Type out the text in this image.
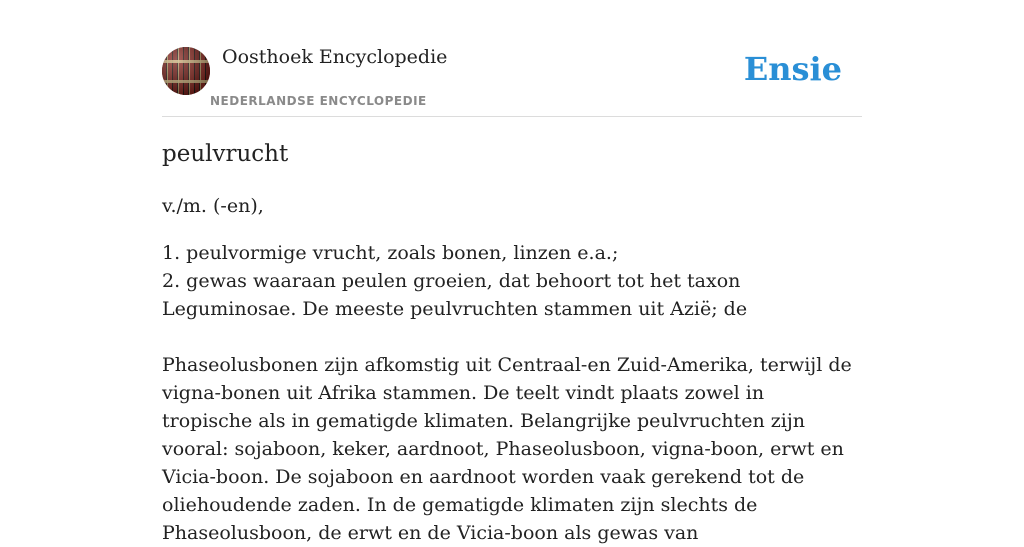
Oosthoek Encyclopedie
NEDERLANDSE ENCYCLOPEDIE
Ensie
peulvrucht

v./m. (-en),

1. peulvormige vrucht, zoals bonen, linzen e.a.;
2. gewas waaraan peulen groeien, dat behoort tot het taxon Leguminosae. De meeste peulvruchten stammen uit Azië; de

Phaseolusbonen zijn afkomstig uit Centraal-en Zuid-Amerika, terwijl de vigna-bonen uit Afrika stammen. De teelt vindt plaats zowel in tropische als in gematigde klimaten. Belangrijke peulvruchten zijn vooral: sojaboon, keker, aardnoot, Phaseolusboon, vigna-boon, erwt en Vicia-boon. De sojaboon en aardnoot worden vaak gerekend tot de oliehoudende zaden. In de gematigde klimaten zijn slechts de Phaseolusboon, de erwt en de Vicia-boon als gewas van
